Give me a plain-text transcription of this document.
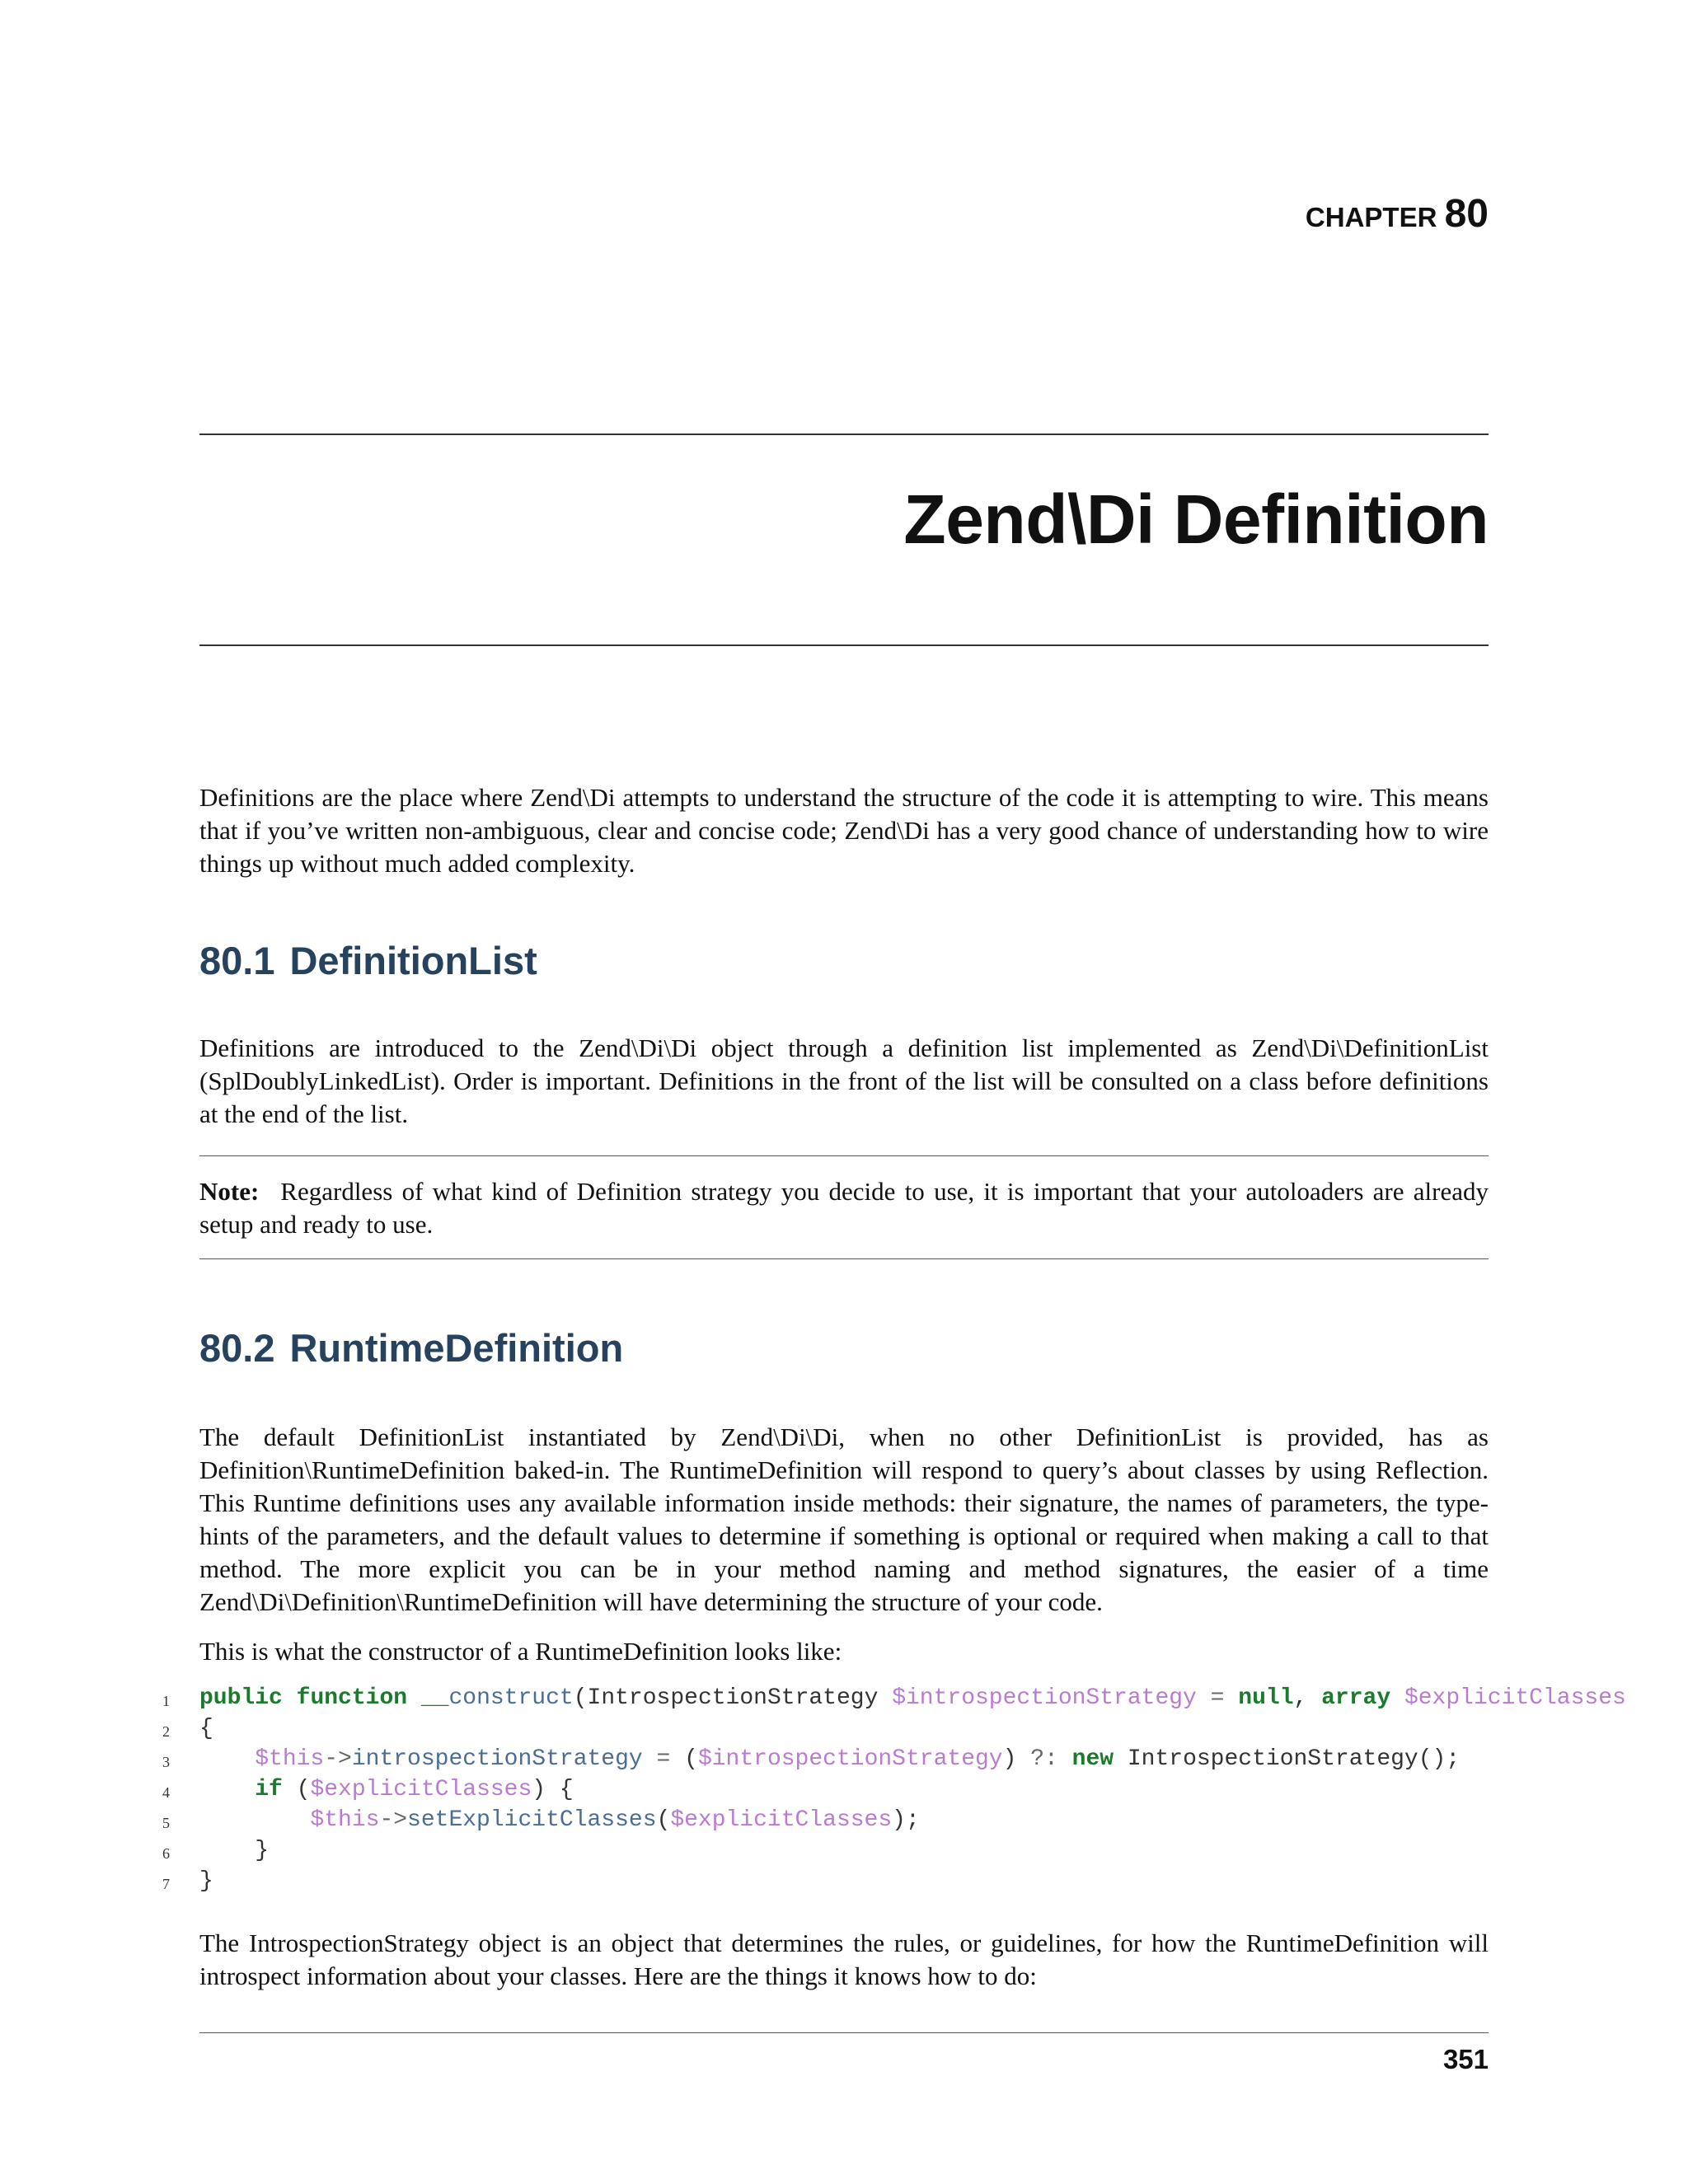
CHAPTER 80
Zend\Di Definition
Definitions are the place where Zend\Di attempts to understand the structure of the code it is attempting to wire. This means that if you’ve written non-ambiguous, clear and concise code; Zend\Di has a very good chance of understanding how to wire things up without much added complexity.
80.1 DefinitionList
Definitions are introduced to the Zend\Di\Di object through a definition list implemented as Zend\Di\DefinitionList (SplDoublyLinkedList). Order is important. Definitions in the front of the list will be consulted on a class before definitions at the end of the list.
Note: Regardless of what kind of Definition strategy you decide to use, it is important that your autoloaders are already setup and ready to use.
80.2 RuntimeDefinition
The default DefinitionList instantiated by Zend\Di\Di, when no other DefinitionList is provided, has as Definition\RuntimeDefinition baked-in. The RuntimeDefinition will respond to query’s about classes by using Reflection. This Runtime definitions uses any available information inside methods: their signature, the names of parameters, the type-hints of the parameters, and the default values to determine if something is optional or required when making a call to that method. The more explicit you can be in your method naming and method signatures, the easier of a time Zend\Di\Definition\RuntimeDefinition will have determining the structure of your code.
This is what the constructor of a RuntimeDefinition looks like:
1 public function __construct(IntrospectionStrategy $introspectionStrategy = null, array $explicitClasses
2 {
3	$this->introspectionStrategy = ($introspectionStrategy) ?: new IntrospectionStrategy();
4	if ($explicitClasses) {
5	$this->setExplicitClasses($explicitClasses);
6 }
7 }
The IntrospectionStrategy object is an object that determines the rules, or guidelines, for how the RuntimeDefinition will introspect information about your classes. Here are the things it knows how to do:
351
